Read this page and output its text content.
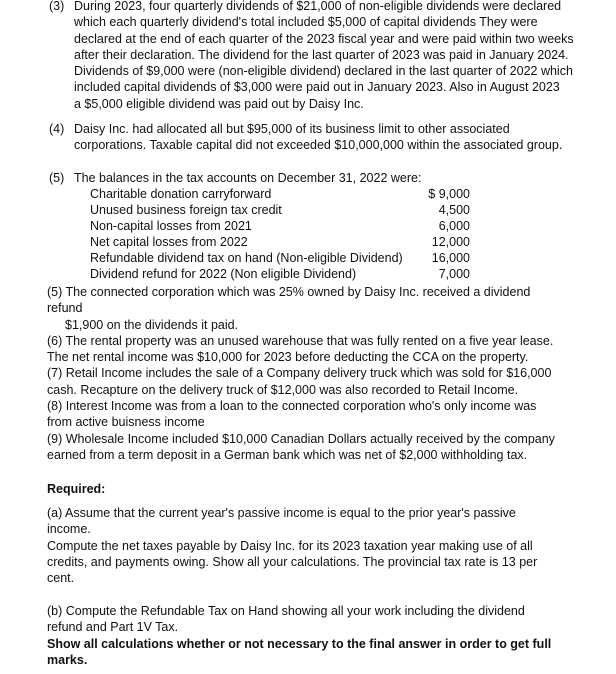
(3) During 2023, four quarterly dividends of $21,000 of non-eligible dividends were declared
which each quarterly dividend's total included $5,000 of capital dividends They were
declared at the end of each quarter of the 2023 fiscal year and were paid within two weeks
after their declaration. The dividend for the last quarter of 2023 was paid in January 2024.
Dividends of $9,000 were (non-eligible dividend) declared in the last quarter of 2022 which
included capital dividends of $3,000 were paid out in January 2023. Also in August 2023
a $5,000 eligible dividend was paid out by Daisy Inc.
(4) Daisy Inc. had allocated all but $95,000 of its business limit to other associated
corporations. Taxable capital did not exceeded $10,000,000 within the associated group.
(5) The balances in the tax accounts on December 31, 2022 were:
Charitable donation carryforward	$ 9,000
Unused business foreign tax credit	4,500
Non-capital losses from 2021	6,000
Net capital losses from 2022	12,000
Refundable dividend tax on hand (Non-eligible Dividend) 16,000
Dividend refund for 2022 (Non eligible Dividend)	7,000
(5) The connected corporation which was 25% owned by Daisy Inc. received a dividend
refund
$1,900 on the dividends it paid.
(6) The rental property was an unused warehouse that was fully rented on a five year lease.
The net rental income was $10,000 for 2023 before deducting the CCA on the property.
(7) Retail Income includes the sale of a Company delivery truck which was sold for $16,000
cash. Recapture on the delivery truck of $12,000 was also recorded to Retail Income.
(8) Interest Income was from a loan to the connected corporation who's only income was
from active buisness income
(9) Wholesale Income included $10,000 Canadian Dollars actually received by the company
earned from a term deposit in a German bank which was net of $2,000 withholding tax.
Required:
(a) Assume that the current year's passive income is equal to the prior year's passive
income.
Compute the net taxes payable by Daisy Inc. for its 2023 taxation year making use of all
credits, and payments owing. Show all your calculations. The provincial tax rate is 13 per
cent.
(b) Compute the Refundable Tax on Hand showing all your work including the dividend
refund and Part 1V Tax.
Show all calculations whether or not necessary to the final answer in order to get full
marks.
